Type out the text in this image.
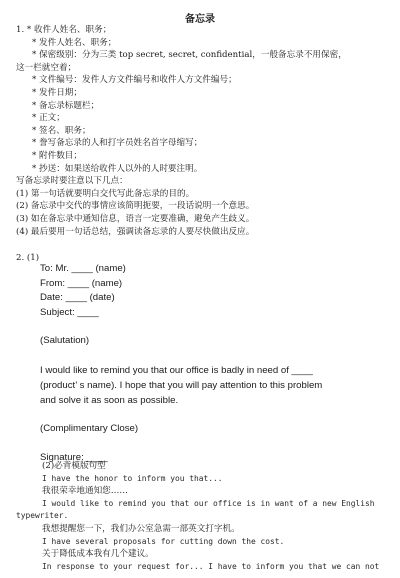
备忘录
1. * 收件人姓名、职务；
* 发件人姓名、职务；
* 保密级别：分为三类 top secret, secret, confidential，一般备忘录不用保密，
这一栏就空着；
* 文件编号：发件人方文件编号和收件人方文件编号；
* 发件日期；
* 备忘录标题栏；
* 正文；
* 签名、职务；
* 誊写备忘录的人和打字员姓名首字母缩写；
* 附件数目；
* 抄送：如果送给收件人以外的人时要注明。
写备忘录时要注意以下几点：
(1) 第一句话就要明白交代写此备忘录的目的。
(2) 备忘录中交代的事情应该简明扼要，一段话说明一个意思。
(3) 如在备忘录中通知信息，语言一定要准确，避免产生歧义。
(4) 最后要用一句话总结，强调读备忘录的人要尽快做出反应。
2. (1)
To: Mr. ____ (name)
From: ____ (name)
Date: ____ (date)
Subject: ____
(Salutation)
I would like to remind you that our office is badly in need of ____
(product’ s name). I hope that you will pay attention to this problem
and solve it as soon as possible.
(Complimentary Close)
Signature: ____
(2)必背模版句型
I have the honor to inform you that...
我很荣幸地通知您……
I would like to remind you that our office is in want of a new English
typewriter.
我想提醒您一下，我们办公室急需一部英文打字机。
I have several proposals for cutting down the cost.
关于降低成本我有几个建议。
In response to your request for... I have to inform you that we can not
